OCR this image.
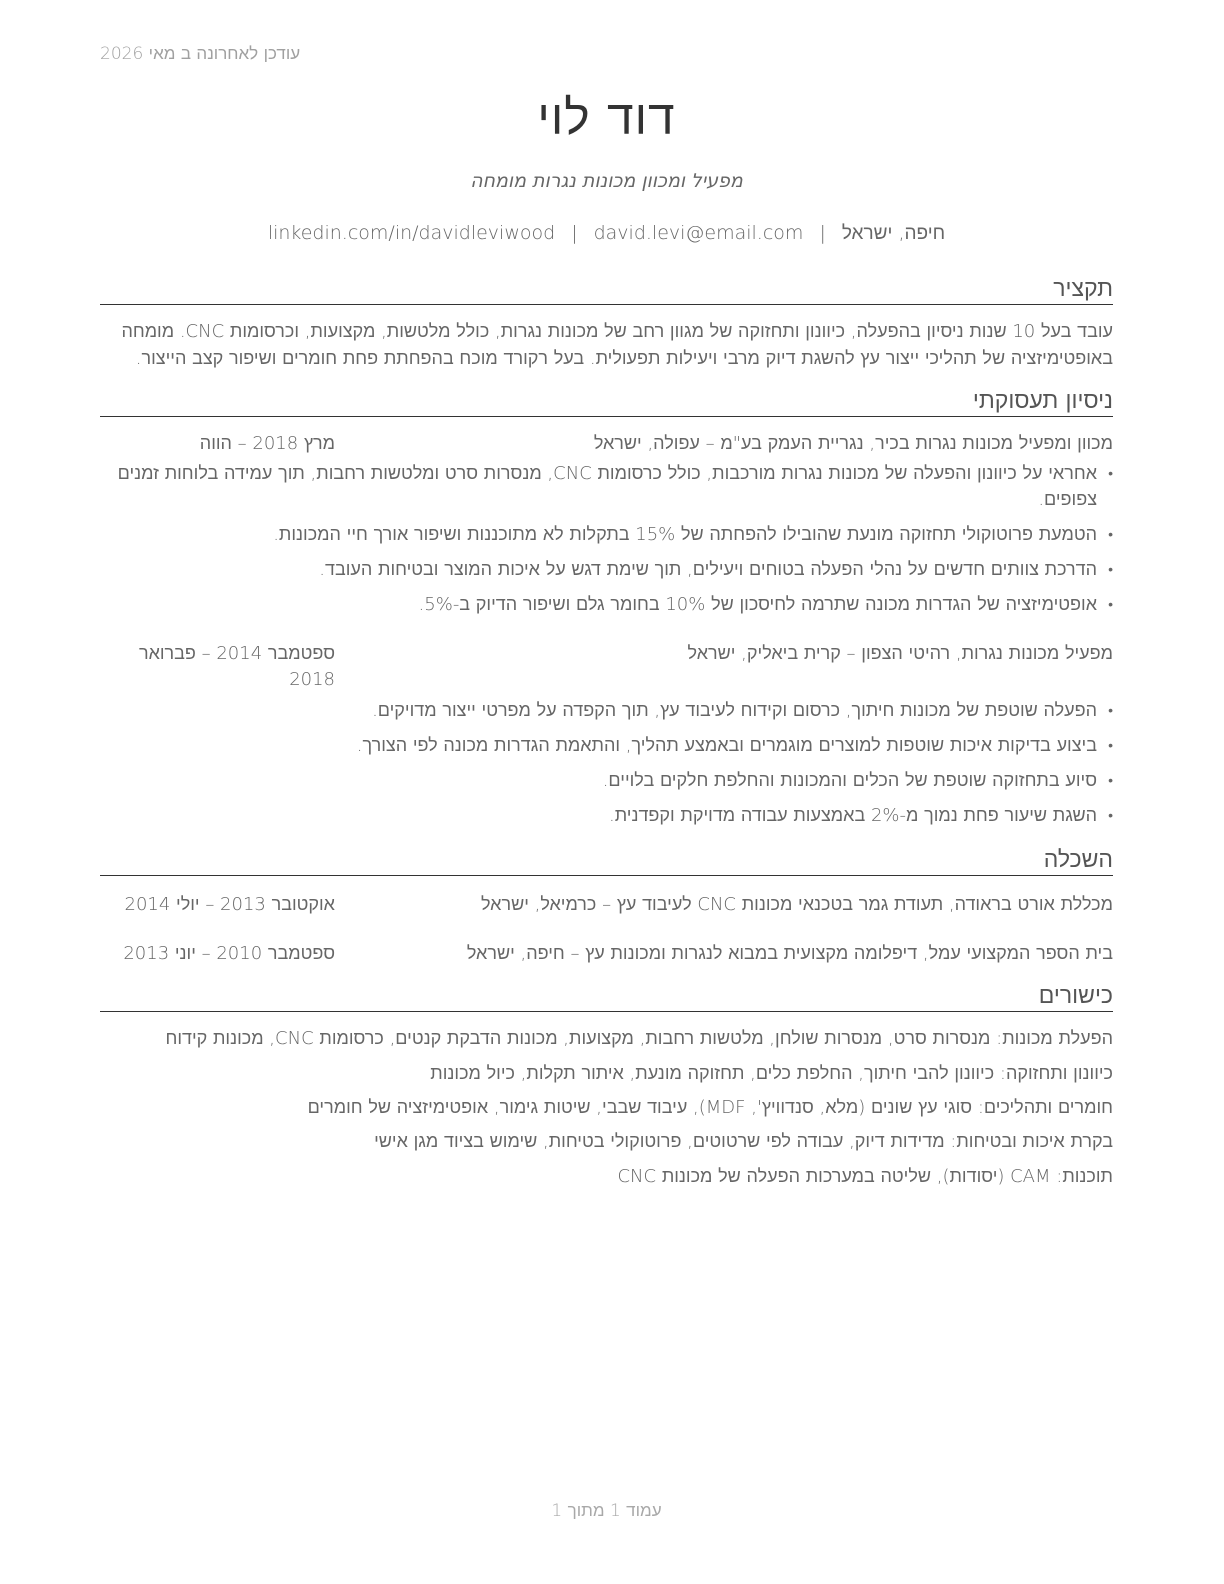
עודכן לאחרונה ב מאי 2026
דוד לוי
מפעיל ומכוון מכונות נגרות מומחה
חיפה, ישראל|david.levi@email.com|linkedin.com/in/davidleviwood
תקציר
עובד בעל 10 שנות ניסיון בהפעלה, כיוונון ותחזוקה של מגוון רחב של מכונות נגרות, כולל מלטשות, מקצועות, וכרסומות CNC. מומחה באופטימיזציה של תהליכי ייצור עץ להשגת דיוק מרבי ויעילות תפעולית. בעל רקורד מוכח בהפחתת פחת חומרים ושיפור קצב הייצור.
ניסיון תעסוקתי
מכוון ומפעיל מכונות נגרות בכיר, נגריית העמק בע"מ – עפולה, ישראל
מרץ 2018 – הווה
• אחראי על כיוונון והפעלה של מכונות נגרות מורכבות, כולל כרסומות CNC, מנסרות סרט ומלטשות רחבות, תוך עמידה בלוחות זמנים צפופים.
• הטמעת פרוטוקולי תחזוקה מונעת שהובילו להפחתה של 15% בתקלות לא מתוכננות ושיפור אורך חיי המכונות.
• הדרכת צוותים חדשים על נהלי הפעלה בטוחים ויעילים, תוך שימת דגש על איכות המוצר ובטיחות העובד.
• אופטימיזציה של הגדרות מכונה שתרמה לחיסכון של 10% בחומר גלם ושיפור הדיוק ב-5%.
מפעיל מכונות נגרות, רהיטי הצפון – קרית ביאליק, ישראל
ספטמבר 2014 – פברואר 2018
• הפעלה שוטפת של מכונות חיתוך, כרסום וקידוח לעיבוד עץ, תוך הקפדה על מפרטי ייצור מדויקים.
• ביצוע בדיקות איכות שוטפות למוצרים מוגמרים ובאמצע תהליך, והתאמת הגדרות מכונה לפי הצורך.
• סיוע בתחזוקה שוטפת של הכלים והמכונות והחלפת חלקים בלויים.
• השגת שיעור פחת נמוך מ-2% באמצעות עבודה מדויקת וקפדנית.
השכלה
מכללת אורט בראודה, תעודת גמר בטכנאי מכונות CNC לעיבוד עץ – כרמיאל, ישראל
אוקטובר 2013 – יולי 2014
בית הספר המקצועי עמל, דיפלומה מקצועית במבוא לנגרות ומכונות עץ – חיפה, ישראל
ספטמבר 2010 – יוני 2013
כישורים
הפעלת מכונות: מנסרות סרט, מנסרות שולחן, מלטשות רחבות, מקצועות, מכונות הדבקת קנטים, כרסומות CNC, מכונות קידוח
כיוונון ותחזוקה: כיוונון להבי חיתוך, החלפת כלים, תחזוקה מונעת, איתור תקלות, כיול מכונות
חומרים ותהליכים: סוגי עץ שונים (מלא, סנדוויץ', MDF), עיבוד שבבי, שיטות גימור, אופטימיזציה של חומרים
בקרת איכות ובטיחות: מדידות דיוק, עבודה לפי שרטוטים, פרוטוקולי בטיחות, שימוש בציוד מגן אישי
תוכנות: CAM (יסודות), שליטה במערכות הפעלה של מכונות CNC
עמוד 1 מתוך 1
